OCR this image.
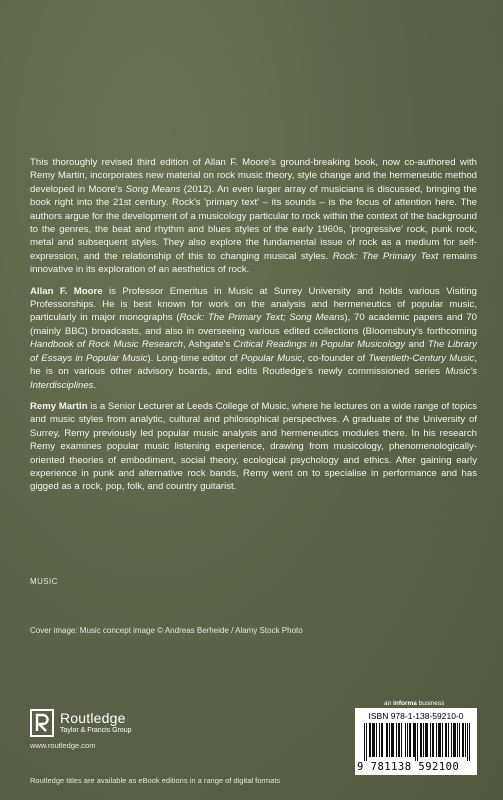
This thoroughly revised third edition of Allan F. Moore's ground-breaking book, now co-authored with Remy Martin, incorporates new material on rock music theory, style change and the hermeneutic method developed in Moore's Song Means (2012). An even larger array of musicians is discussed, bringing the book right into the 21st century. Rock's 'primary text' – its sounds – is the focus of attention here. The authors argue for the development of a musicology particular to rock within the context of the background to the genres, the beat and rhythm and blues styles of the early 1960s, 'progressive' rock, punk rock, metal and subsequent styles. They also explore the fundamental issue of rock as a medium for self-expression, and the relationship of this to changing musical styles. Rock: The Primary Text remains innovative in its exploration of an aesthetics of rock.

Allan F. Moore is Professor Emeritus in Music at Surrey University and holds various Visiting Professorships. He is best known for work on the analysis and hermeneutics of popular music, particularly in major monographs (Rock: The Primary Text; Song Means), 70 academic papers and 70 (mainly BBC) broadcasts, and also in overseeing various edited collections (Bloomsbury's forthcoming Handbook of Rock Music Research, Ashgate's Critical Readings in Popular Musicology and The Library of Essays in Popular Music). Long-time editor of Popular Music, co-founder of Twentieth-Century Music, he is on various other advisory boards, and edits Routledge's newly commissioned series Music's Interdisciplines.

Remy Martin is a Senior Lecturer at Leeds College of Music, where he lectures on a wide range of topics and music styles from analytic, cultural and philosophical perspectives. A graduate of the University of Surrey, Remy previously led popular music analysis and hermeneutics modules there. In his research Remy examines popular music listening experience, drawing from musicology, phenomenologically-oriented theories of embodiment, social theory, ecological psychology and ethics. After gaining early experience in punk and alternative rock bands, Remy went on to specialise in performance and has gigged as a rock, pop, folk, and country guitarist.

MUSIC
Cover image: Music concept image © Andreas Berheide / Alamy Stock Photo
Routledge
Taylor & Francis Group
www.routledge.com
an informa business
ISBN 978-1-138-59210-0
9 781138 592100
Routledge titles are available as eBook editions in a range of digital formats
